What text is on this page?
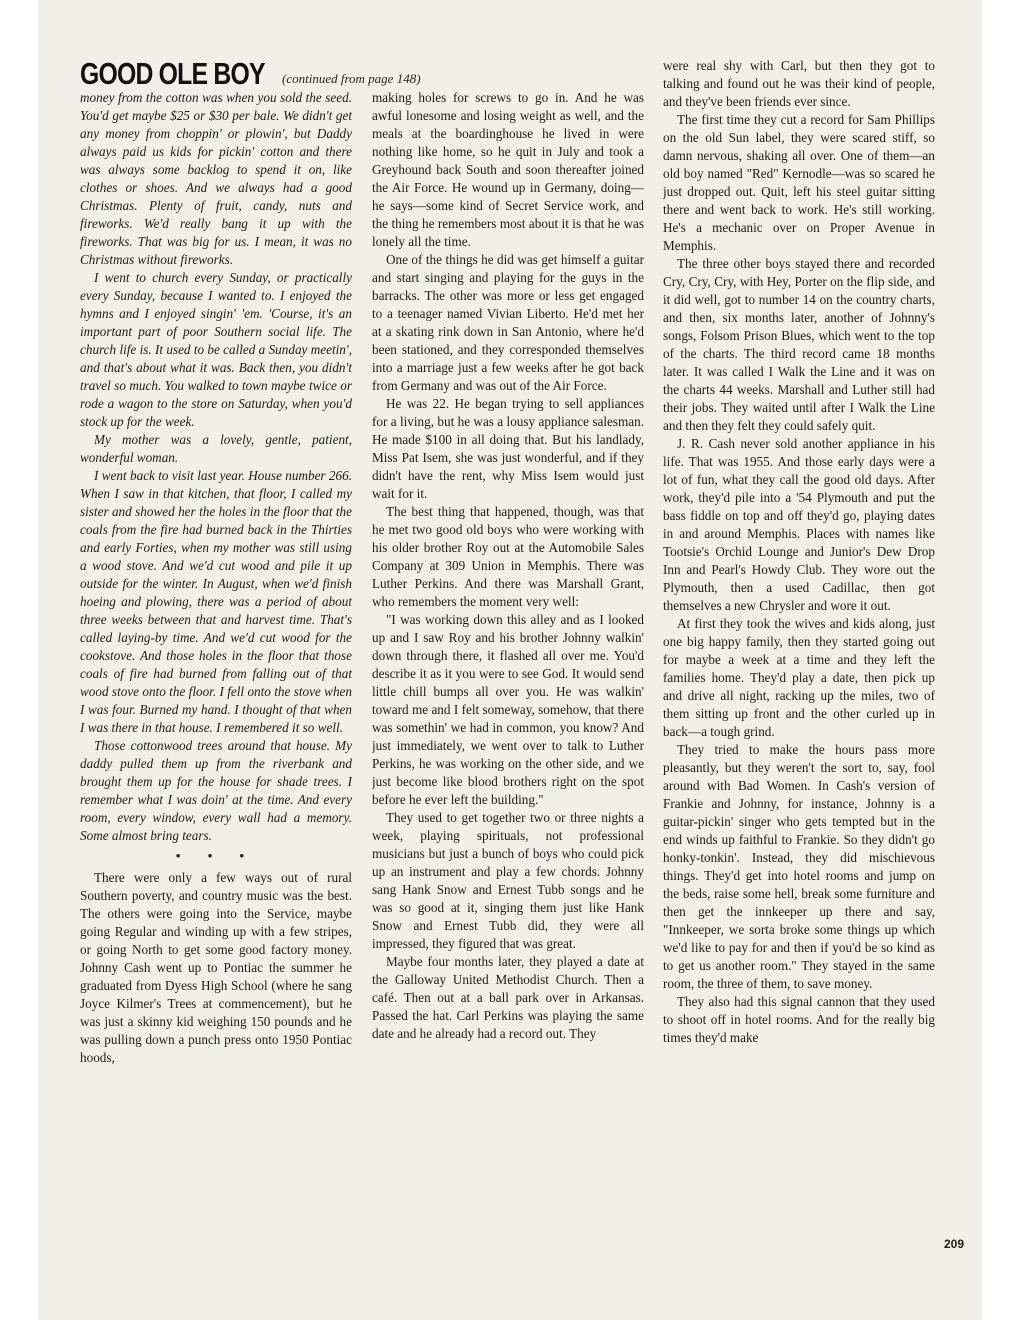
GOOD OLE BOY (continued from page 148)

money from the cotton was when you sold the seed. You'd get maybe $25 or $30 per bale. We didn't get any money from choppin' or plowin', but Daddy always paid us kids for pickin' cotton and there was always some backlog to spend it on, like clothes or shoes. And we always had a good Christmas. Plenty of fruit, candy, nuts and fireworks. We'd really bang it up with the fireworks. That was big for us. I mean, it was no Christmas without fireworks.

I went to church every Sunday, or practically every Sunday, because I wanted to. I enjoyed the hymns and I enjoyed singin' 'em. 'Course, it's an important part of poor Southern social life. The church life is. It used to be called a Sunday meetin', and that's about what it was. Back then, you didn't travel so much. You walked to town maybe twice or rode a wagon to the store on Saturday, when you'd stock up for the week.

My mother was a lovely, gentle, patient, wonderful woman.

I went back to visit last year. House number 266. When I saw in that kitchen, that floor, I called my sister and showed her the holes in the floor that the coals from the fire had burned back in the Thirties and early Forties, when my mother was still using a wood stove. And we'd cut wood and pile it up outside for the winter. In August, when we'd finish hoeing and plowing, there was a period of about three weeks between that and harvest time. That's called laying-by time. And we'd cut wood for the cookstove. And those holes in the floor that those coals of fire had burned from falling out of that wood stove onto the floor. I fell onto the stove when I was four. Burned my hand. I thought of that when I was there in that house. I remembered it so well.

Those cottonwood trees around that house. My daddy pulled them up from the riverbank and brought them up for the house for shade trees. I remember what I was doin' at the time. And every room, every window, every wall had a memory. Some almost bring tears.

• • •

There were only a few ways out of rural Southern poverty, and country music was the best. The others were going into the Service, maybe going Regular and winding up with a few stripes, or going North to get some good factory money. Johnny Cash went up to Pontiac the summer he graduated from Dyess High School (where he sang Joyce Kilmer's Trees at commencement), but he was just a skinny kid weighing 150 pounds and he was pulling down a punch press onto 1950 Pontiac hoods,

making holes for screws to go in. And he was awful lonesome and losing weight as well, and the meals at the boardinghouse he lived in were nothing like home, so he quit in July and took a Greyhound back South and soon thereafter joined the Air Force. He wound up in Germany, doing—he says—some kind of Secret Service work, and the thing he remembers most about it is that he was lonely all the time.

One of the things he did was get himself a guitar and start singing and playing for the guys in the barracks. The other was more or less get engaged to a teenager named Vivian Liberto. He'd met her at a skating rink down in San Antonio, where he'd been stationed, and they corresponded themselves into a marriage just a few weeks after he got back from Germany and was out of the Air Force.

He was 22. He began trying to sell appliances for a living, but he was a lousy appliance salesman. He made $100 in all doing that. But his landlady, Miss Pat Isem, she was just wonderful, and if they didn't have the rent, why Miss Isem would just wait for it.

The best thing that happened, though, was that he met two good old boys who were working with his older brother Roy out at the Automobile Sales Company at 309 Union in Memphis. There was Luther Perkins. And there was Marshall Grant, who remembers the moment very well:

"I was working down this alley and as I looked up and I saw Roy and his brother Johnny walkin' down through there, it flashed all over me. You'd describe it as it you were to see God. It would send little chill bumps all over you. He was walkin' toward me and I felt someway, somehow, that there was somethin' we had in common, you know? And just immediately, we went over to talk to Luther Perkins, he was working on the other side, and we just become like blood brothers right on the spot before he ever left the building."

They used to get together two or three nights a week, playing spirituals, not professional musicians but just a bunch of boys who could pick up an instrument and play a few chords. Johnny sang Hank Snow and Ernest Tubb songs and he was so good at it, singing them just like Hank Snow and Ernest Tubb did, they were all impressed, they figured that was great.

Maybe four months later, they played a date at the Galloway United Methodist Church. Then a café. Then out at a ball park over in Arkansas. Passed the hat. Carl Perkins was playing the same date and he already had a record out. They

were real shy with Carl, but then they got to talking and found out he was their kind of people, and they've been friends ever since.

The first time they cut a record for Sam Phillips on the old Sun label, they were scared stiff, so damn nervous, shaking all over. One of them—an old boy named "Red" Kernodle—was so scared he just dropped out. Quit, left his steel guitar sitting there and went back to work. He's still working. He's a mechanic over on Proper Avenue in Memphis.

The three other boys stayed there and recorded Cry, Cry, Cry, with Hey, Porter on the flip side, and it did well, got to number 14 on the country charts, and then, six months later, another of Johnny's songs, Folsom Prison Blues, which went to the top of the charts. The third record came 18 months later. It was called I Walk the Line and it was on the charts 44 weeks. Marshall and Luther still had their jobs. They waited until after I Walk the Line and then they felt they could safely quit.

J. R. Cash never sold another appliance in his life. That was 1955. And those early days were a lot of fun, what they call the good old days. After work, they'd pile into a '54 Plymouth and put the bass fiddle on top and off they'd go, playing dates in and around Memphis. Places with names like Tootsie's Orchid Lounge and Junior's Dew Drop Inn and Pearl's Howdy Club. They wore out the Plymouth, then a used Cadillac, then got themselves a new Chrysler and wore it out.

At first they took the wives and kids along, just one big happy family, then they started going out for maybe a week at a time and they left the families home. They'd play a date, then pick up and drive all night, racking up the miles, two of them sitting up front and the other curled up in back—a tough grind.

They tried to make the hours pass more pleasantly, but they weren't the sort to, say, fool around with Bad Women. In Cash's version of Frankie and Johnny, for instance, Johnny is a guitar-pickin' singer who gets tempted but in the end winds up faithful to Frankie. So they didn't go honky-tonkin'. Instead, they did mischievous things. They'd get into hotel rooms and jump on the beds, raise some hell, break some furniture and then get the innkeeper up there and say, "Innkeeper, we sorta broke some things up which we'd like to pay for and then if you'd be so kind as to get us another room." They stayed in the same room, the three of them, to save money.

They also had this signal cannon that they used to shoot off in hotel rooms. And for the really big times they'd make

209
